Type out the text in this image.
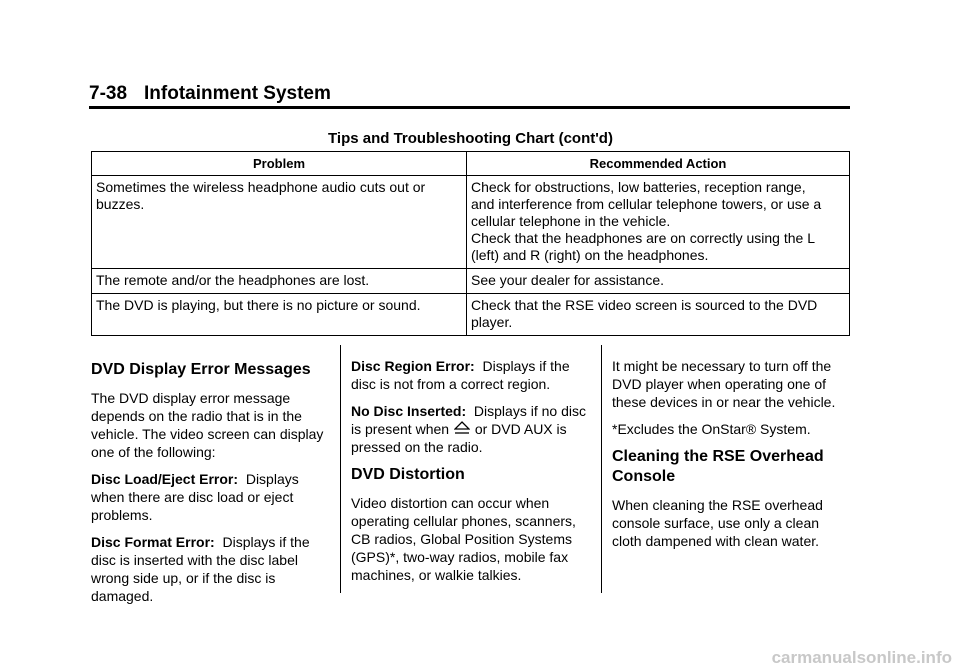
7-38 Infotainment System
Tips and Troubleshooting Chart (cont'd)
Problem	Recommended Action

Sometimes the wireless headphone audio cuts out or
buzzes.	Check for obstructions, low batteries, reception range,
and interference from cellular telephone towers, or use a
cellular telephone in the vehicle.
Check that the headphones are on correctly using the L
(left) and R (right) on the headphones.

The remote and/or the headphones are lost.	See your dealer for assistance.

The DVD is playing, but there is no picture or sound.	Check that the RSE video screen is sourced to the DVD
player.
DVD Display Error Messages

The DVD display error message depends on the radio that is in the vehicle. The video screen can display one of the following:

Disc Load/Eject Error: Displays when there are disc load or eject problems.

Disc Format Error: Displays if the disc is inserted with the disc label wrong side up, or if the disc is damaged.

Disc Region Error: Displays if the disc is not from a correct region.

No Disc Inserted: Displays if no disc is present when or DVD AUX is pressed on the radio.

DVD Distortion

Video distortion can occur when operating cellular phones, scanners, CB radios, Global Position Systems (GPS)*, two-way radios, mobile fax machines, or walkie talkies.

It might be necessary to turn off the DVD player when operating one of these devices in or near the vehicle.

*Excludes the OnStar® System.

Cleaning the RSE Overhead Console

When cleaning the RSE overhead console surface, use only a clean cloth dampened with clean water.

carmanualsonline.info
